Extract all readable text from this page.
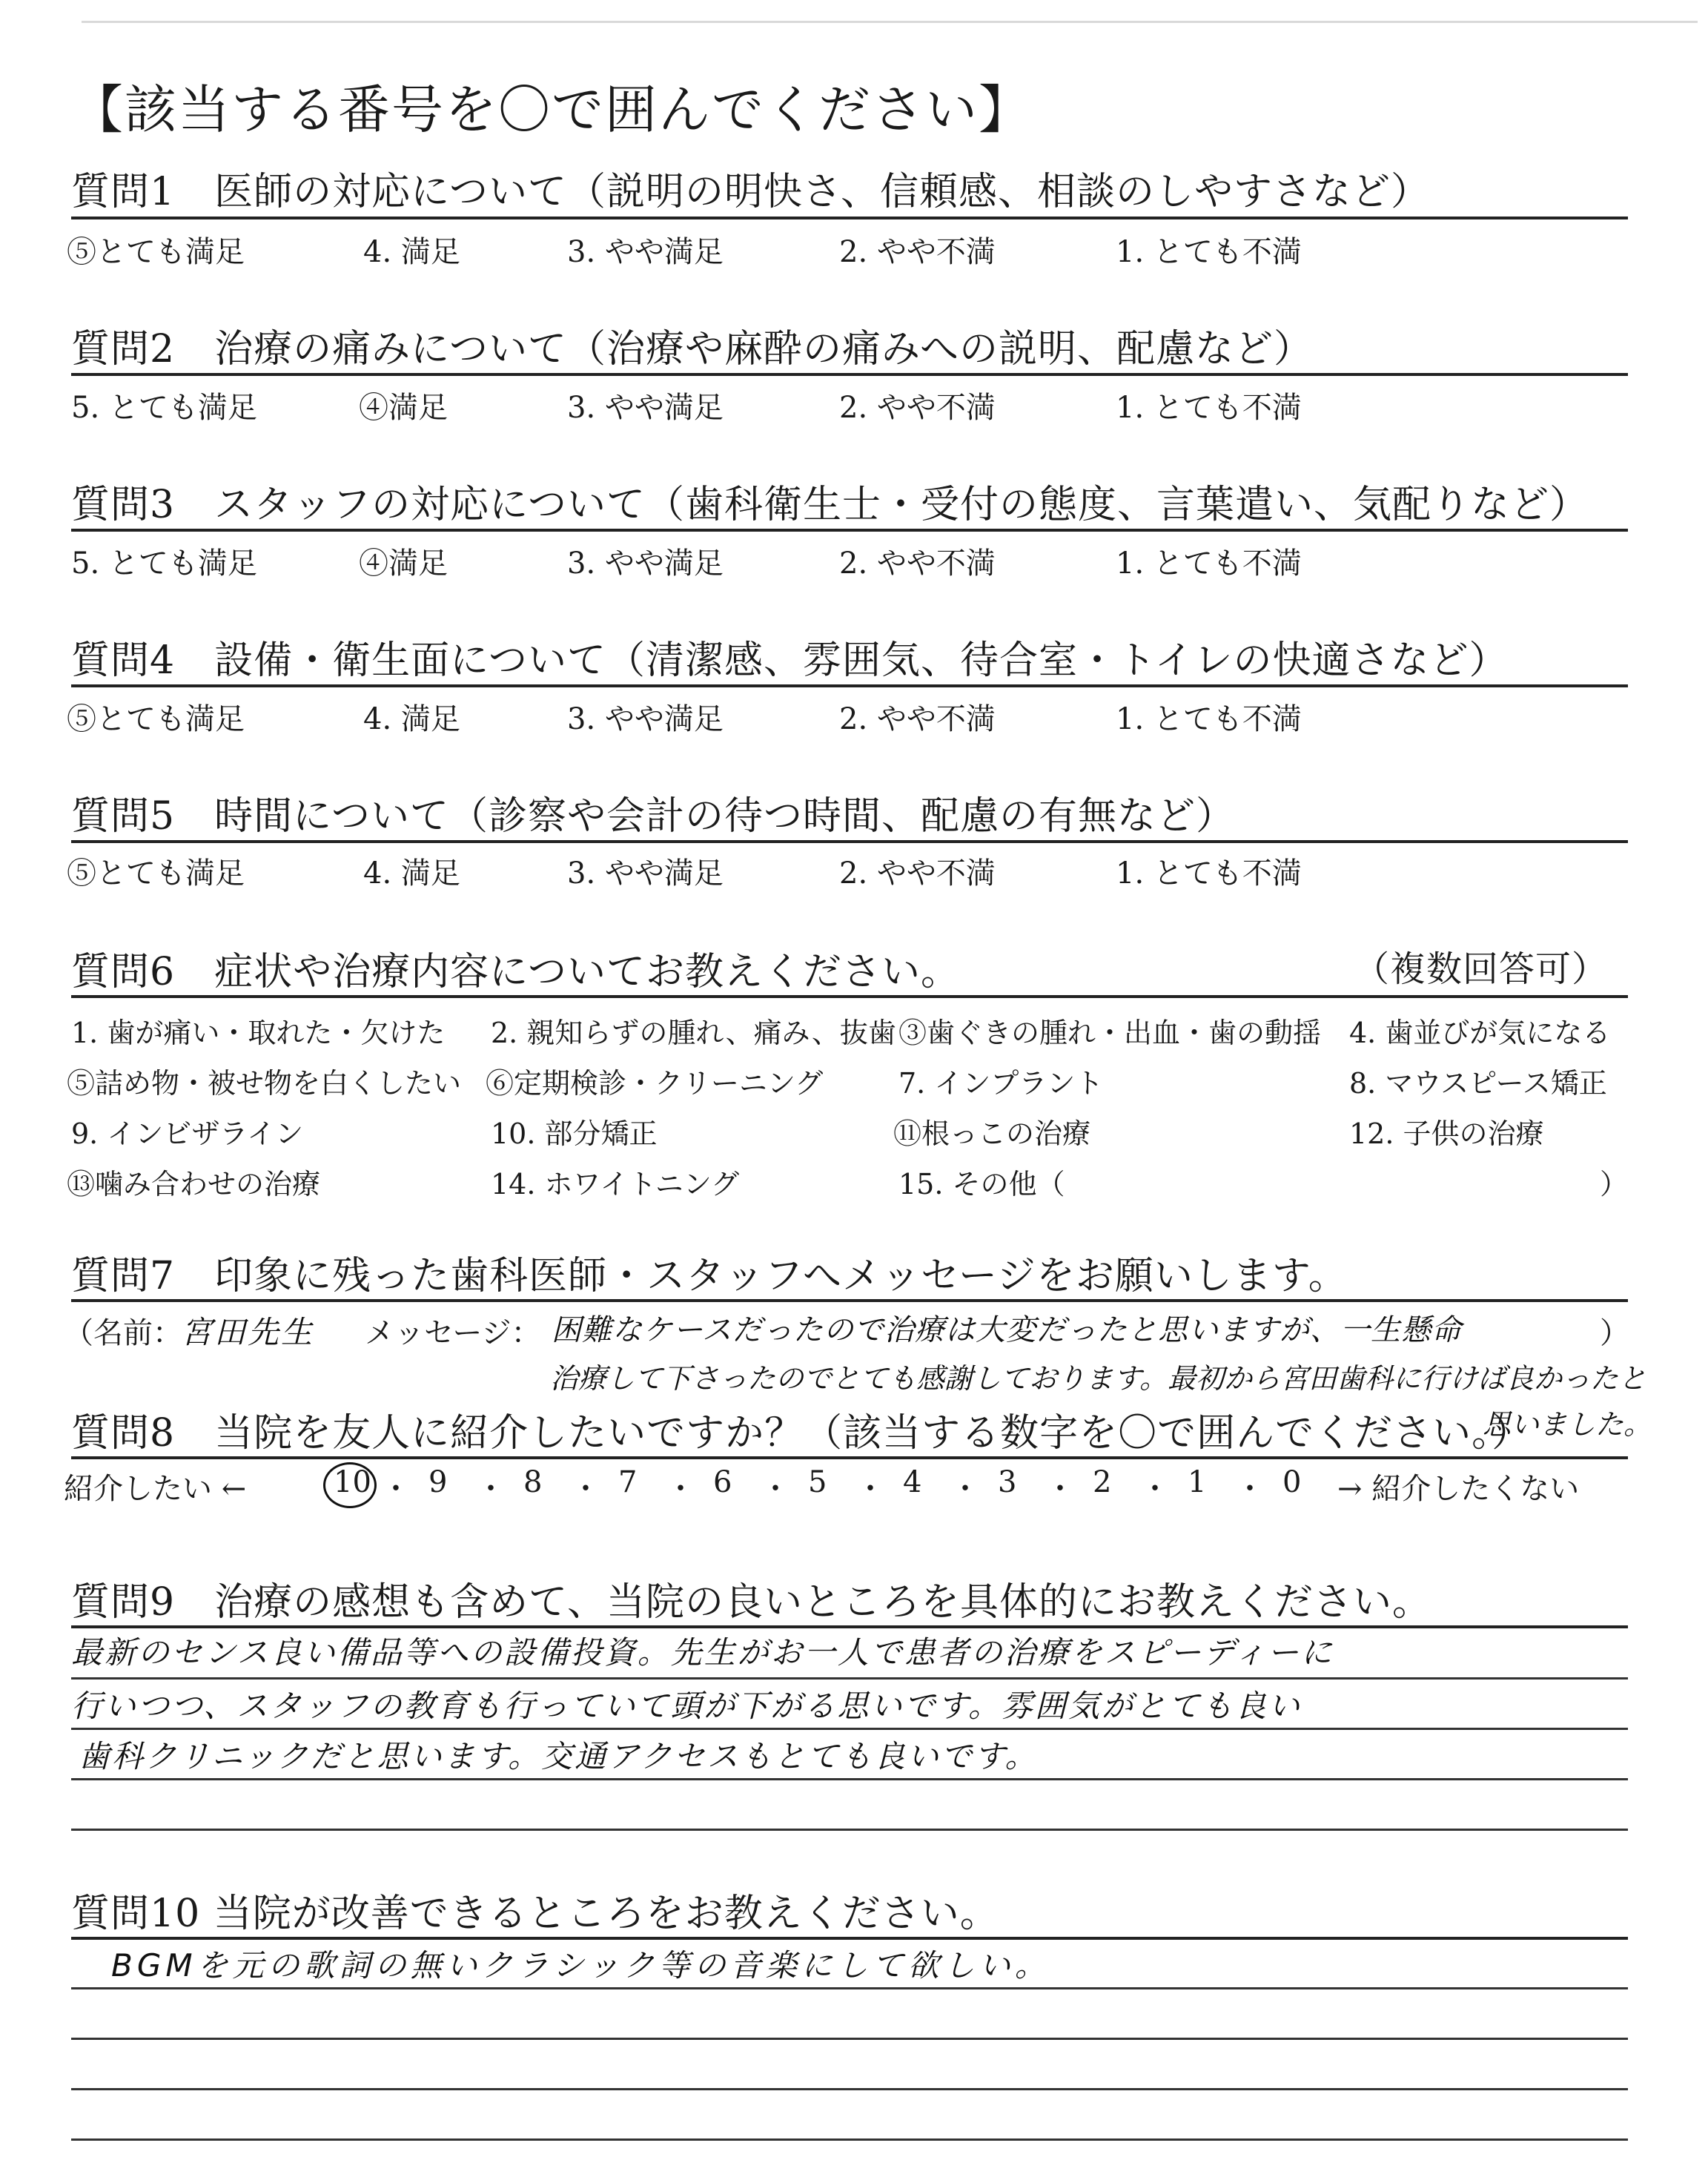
【該当する番号を〇で囲んでください】
質問1　医師の対応について（説明の明快さ、信頼感、相談のしやすさなど）
⑤とても満足	4. 満足	3. やや満足	2. やや不満	1. とても不満
質問2　治療の痛みについて（治療や麻酔の痛みへの説明、配慮など）
5. とても満足	④満足	3. やや満足	2. やや不満	1. とても不満
質問3　スタッフの対応について（歯科衛生士・受付の態度、言葉遣い、気配りなど）
5. とても満足	④満足	3. やや満足	2. やや不満	1. とても不満
質問4　設備・衛生面について（清潔感、雰囲気、待合室・トイレの快適さなど）
⑤とても満足	4. 満足	3. やや満足	2. やや不満	1. とても不満
質問5　時間について（診察や会計の待つ時間、配慮の有無など）
⑤とても満足	4. 満足	3. やや満足	2. やや不満	1. とても不満
質問6　症状や治療内容についてお教えください。	（複数回答可）
1. 歯が痛い・取れた・欠けた 2. 親知らずの腫れ、痛み、抜歯 ③歯ぐきの腫れ・出血・歯の動揺 4. 歯並びが気になる
⑤詰め物・被せ物を白くしたい ⑥定期検診・クリーニング	7. インプラント	8. マウスピース矯正
9. インビザライン	10. 部分矯正	⑪根っこの治療	12. 子供の治療
⑬噛み合わせの治療	14. ホワイトニング	15. その他（	）
質問7　印象に残った歯科医師・スタッフへメッセージをお願いします。
（名前：
宮田先生 メッセージ： 困難なケースだったので治療は大変だったと思いますが、一生懸命	）
治療して下さったのでとても感謝しております。最初から宮田歯科に行けば良かったと
思いました。
質問8　当院を友人に紹介したいですか？（該当する数字を〇で囲んでください。）
紹介したい ←	10 ・ 9 ・ 8 ・ 7 ・ 6 ・ 5 ・ 4 ・ 3 ・ 2 ・ 1 ・ 0 → 紹介したくない
質問9　治療の感想も含めて、当院の良いところを具体的にお教えください。
最新のセンス良い備品等への設備投資。先生がお一人で患者の治療をスピーディーに
行いつつ、スタッフの教育も行っていて頭が下がる思いです。雰囲気がとても良い
歯科クリニックだと思います。交通アクセスもとても良いです。
質問10 当院が改善できるところをお教えください。
BGMを元の歌詞の無いクラシック等の音楽にして欲しい。
